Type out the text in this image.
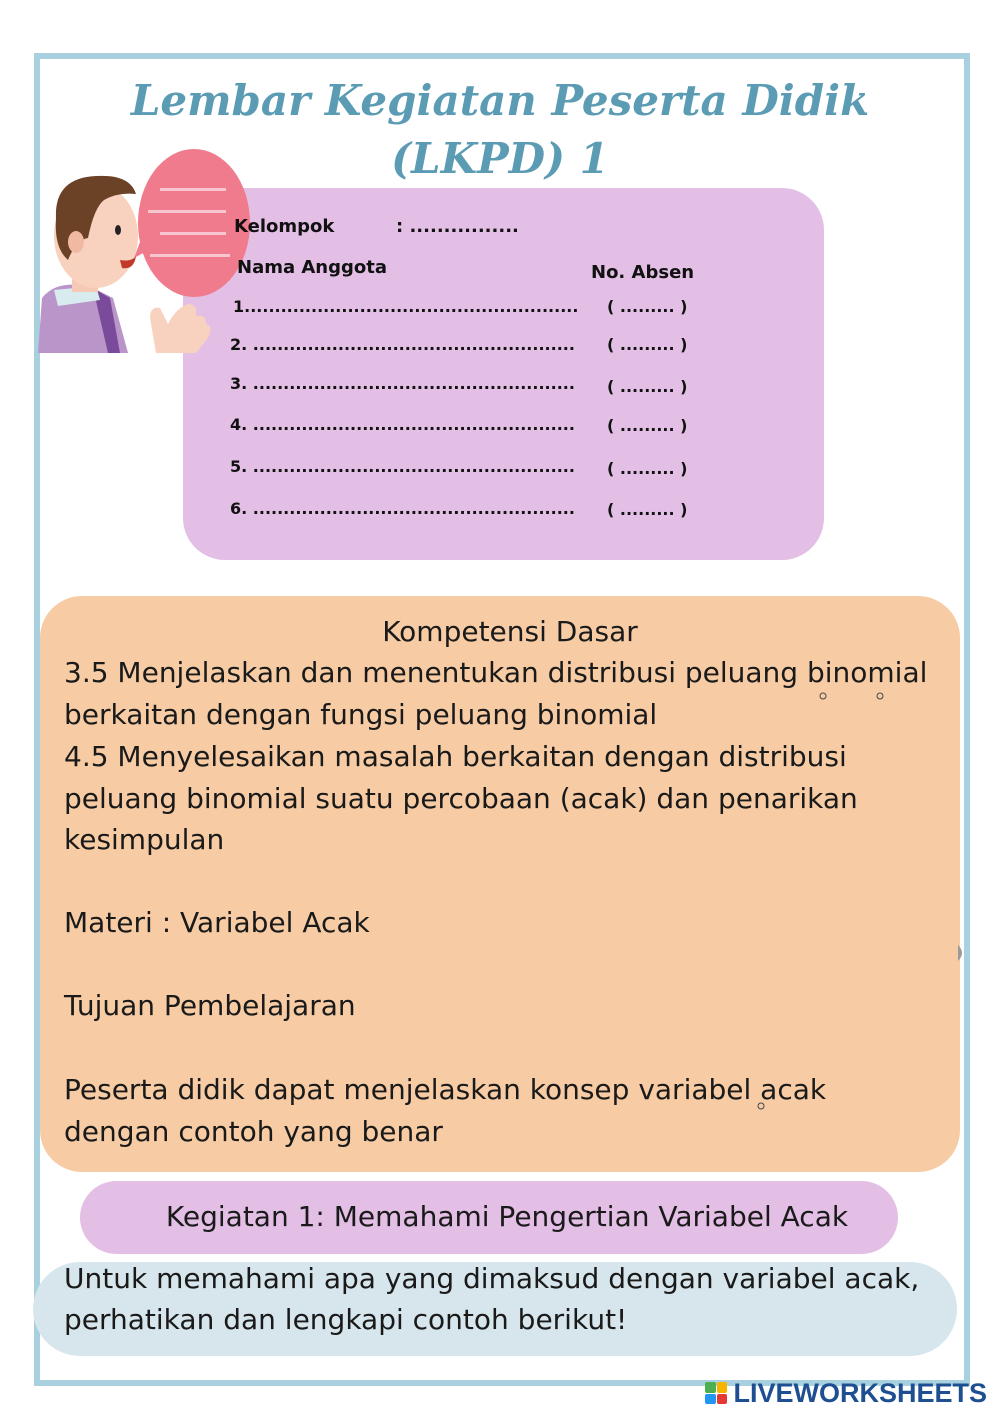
Lembar Kegiatan Peserta Didik
(LKPD) 1
Kelompok	: ................
Nama Anggota	No. Absen
1....................................................... ( ......... )
2. ..................................................... ( ......... )
3. ..................................................... ( ......... )
4. ..................................................... ( ......... )
5. ..................................................... ( ......... )
6. ..................................................... ( ......... )
Kompetensi Dasar
3.5 Menjelaskan dan menentukan distribusi peluang binomial
berkaitan dengan fungsi peluang binomial
4.5 Menyelesaikan masalah berkaitan dengan distribusi
peluang binomial suatu percobaan (acak) dan penarikan
kesimpulan
Materi : Variabel Acak
Tujuan Pembelajaran
Peserta didik dapat menjelaskan konsep variabel acak
dengan contoh yang benar
Kegiatan 1: Memahami Pengertian Variabel Acak
Untuk memahami apa yang dimaksud dengan variabel acak,
perhatikan dan lengkapi contoh berikut!
LIVEWORKSHEETS
